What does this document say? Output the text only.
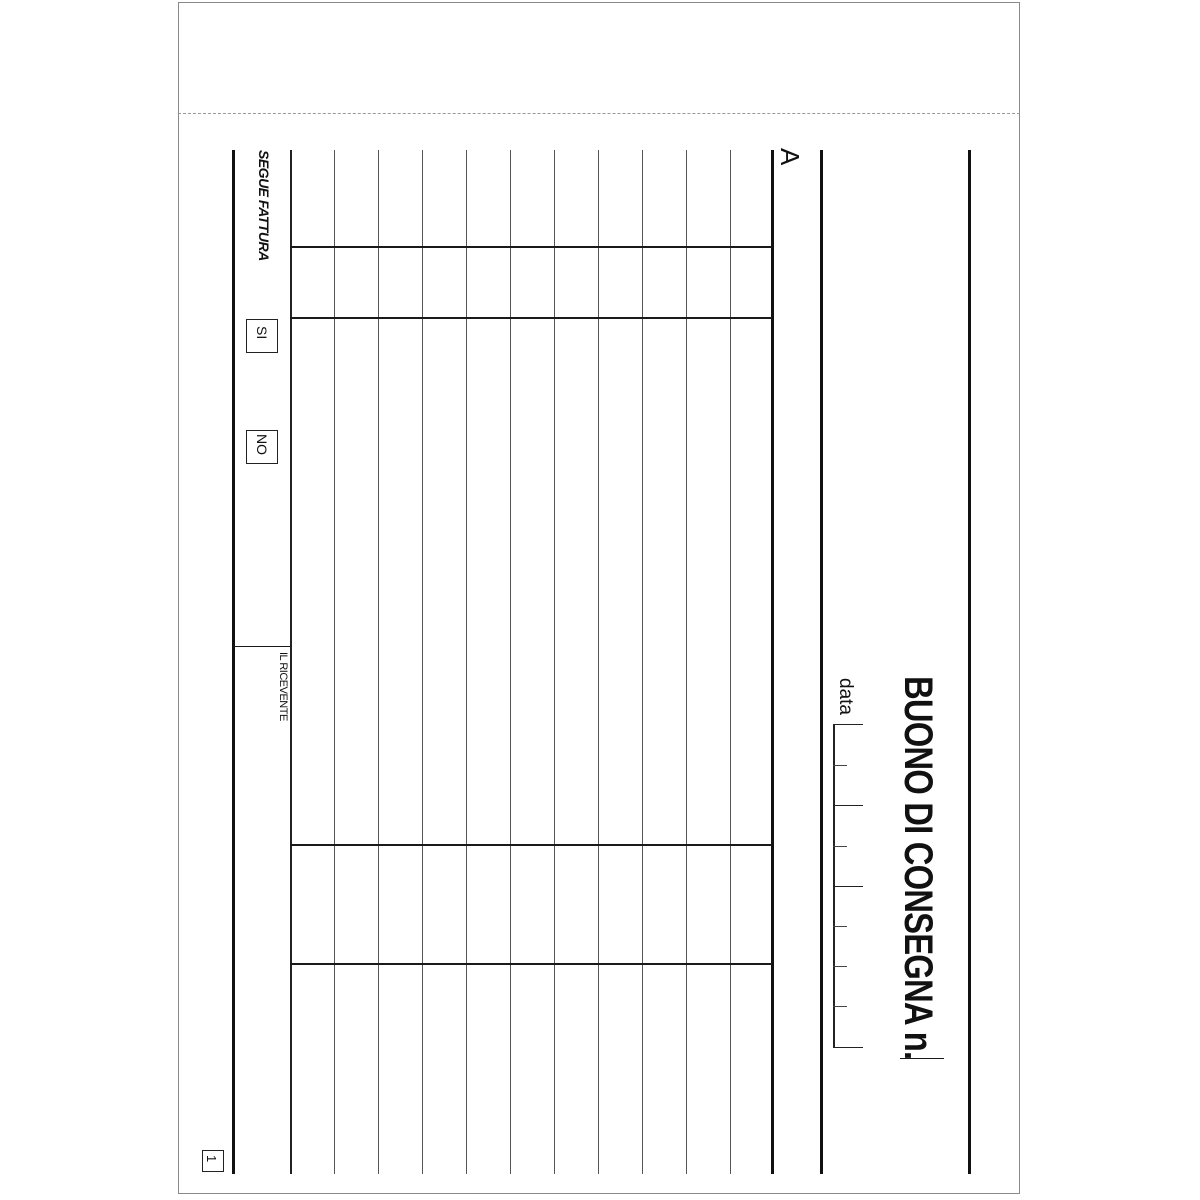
BUONO DI CONSEGNA n.
data
A
SEGUE FATTURA
SI
NO
IL RICEVENTE
1
